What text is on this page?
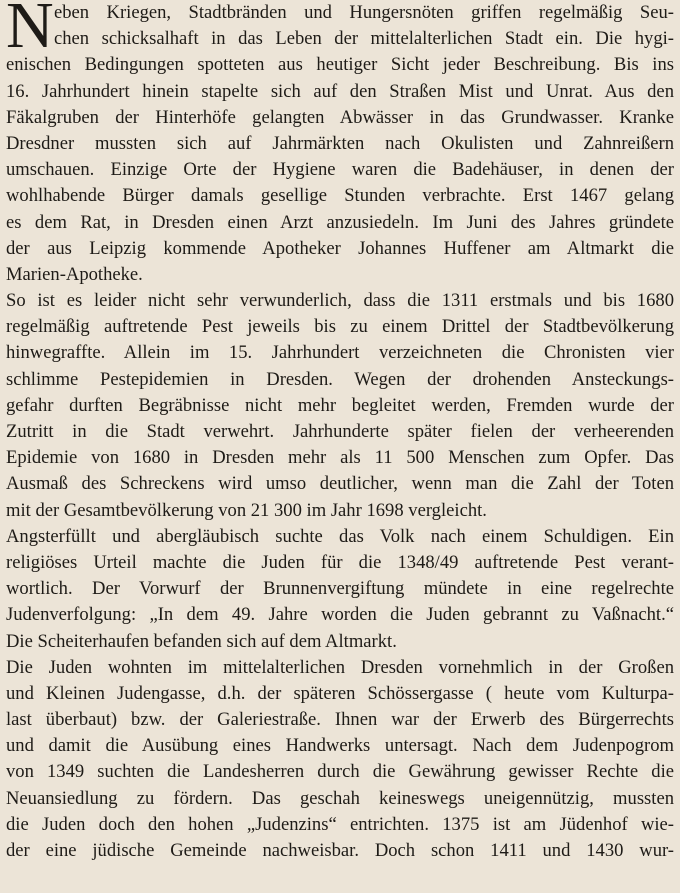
N eben Kriegen, Stadtbränden und Hungersnöten griffen regelmäßig Seu-
chen schicksalhaft in das Leben der mittelalterlichen Stadt ein. Die hygi-
enischen Bedingungen spotteten aus heutiger Sicht jeder Beschreibung. Bis ins
16. Jahrhundert hinein stapelte sich auf den Straßen Mist und Unrat. Aus den
Fäkalgruben der Hinterhöfe gelangten Abwässer in das Grundwasser. Kranke
Dresdner mussten sich auf Jahrmärkten nach Okulisten und Zahnreißern
umschauen. Einzige Orte der Hygiene waren die Badehäuser, in denen der
wohlhabende Bürger damals gesellige Stunden verbrachte. Erst 1467 gelang
es dem Rat, in Dresden einen Arzt anzusiedeln. Im Juni des Jahres gründete
der aus Leipzig kommende Apotheker Johannes Huffener am Altmarkt die
Marien-Apotheke.
So ist es leider nicht sehr verwunderlich, dass die 1311 erstmals und bis 1680
regelmäßig auftretende Pest jeweils bis zu einem Drittel der Stadtbevölkerung
hinwegraffte. Allein im 15. Jahrhundert verzeichneten die Chronisten vier
schlimme Pestepidemien in Dresden. Wegen der drohenden Ansteckungs-
gefahr durften Begräbnisse nicht mehr begleitet werden, Fremden wurde der
Zutritt in die Stadt verwehrt. Jahrhunderte später fielen der verheerenden
Epidemie von 1680 in Dresden mehr als 11 500 Menschen zum Opfer. Das
Ausmaß des Schreckens wird umso deutlicher, wenn man die Zahl der Toten
mit der Gesamtbevölkerung von 21 300 im Jahr 1698 vergleicht.
Angsterfüllt und abergläubisch suchte das Volk nach einem Schuldigen. Ein
religiöses Urteil machte die Juden für die 1348/49 auftretende Pest verant-
wortlich. Der Vorwurf der Brunnenvergiftung mündete in eine regelrechte
Judenverfolgung: „In dem 49. Jahre worden die Juden gebrannt zu Vaßnacht.“
Die Scheiterhaufen befanden sich auf dem Altmarkt.
Die Juden wohnten im mittelalterlichen Dresden vornehmlich in der Großen
und Kleinen Judengasse, d.h. der späteren Schössergasse ( heute vom Kulturpa-
last überbaut) bzw. der Galeriestraße. Ihnen war der Erwerb des Bürgerrechts
und damit die Ausübung eines Handwerks untersagt. Nach dem Judenpogrom
von 1349 suchten die Landesherren durch die Gewährung gewisser Rechte die
Neuansiedlung zu fördern. Das geschah keineswegs uneigennützig, mussten
die Juden doch den hohen „Judenzins“ entrichten. 1375 ist am Jüdenhof wie-
der eine jüdische Gemeinde nachweisbar. Doch schon 1411 und 1430 wur-
